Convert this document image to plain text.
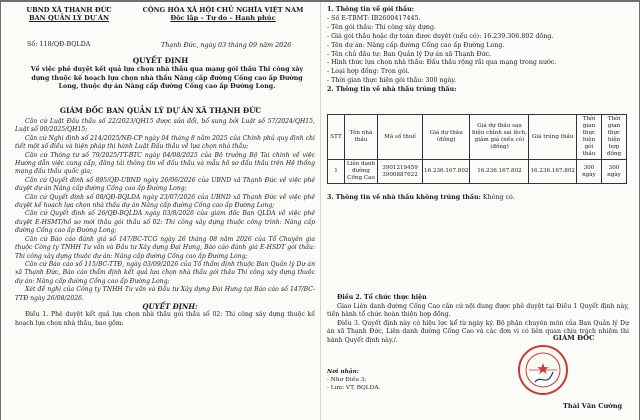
UBND XÃ THẠNH ĐỨC
BAN QUẢN LÝ DỰ ÁN
CỘNG HÒA XÃ HỘI CHỦ NGHĨA VIỆT NAM
Độc lập – Tự do – Hạnh phúc
Số: 118/QĐ-BQLDA	Thạnh Đức, ngày 03 tháng 09 năm 2026
QUYẾT ĐỊNH
Về việc phê duyệt kết quả lựa chọn nhà thầu qua mạng gói thầu Thi công xây dựng thuộc kế hoạch lựa chọn nhà thầu Nâng cấp đường Cống cao ấp Đường Long, thuộc dự án Nâng cấp đường Cống cao ấp Đường Long.
GIÁM ĐỐC BAN QUẢN LÝ DỰ ÁN XÃ THẠNH ĐỨC

Căn cứ Luật Đấu thầu số 22/2023/QH15 được sửa đổi, bổ sung bởi Luật số 57/2024/QH15, Luật số 90/2025/QH15;

Căn cứ Nghị định số 214/2025/NĐ-CP ngày 04 tháng 8 năm 2025 của Chính phủ quy định chi tiết một số điều và biện pháp thi hành Luật Đấu thầu về lựa chọn nhà thầu;

Căn cứ Thông tư số 79/2025/TT-BTC ngày 04/08/2025 của Bộ trưởng Bộ Tài chính về việc Hướng dẫn việc cung cấp, đăng tải thông tin về đấu thầu và mẫu hồ sơ đấu thầu trên Hệ thống mạng đấu thầu quốc gia;

Căn cứ Quyết định số 895/QĐ-UBND ngày 26/06/2026 của UBND xã Thạnh Đức về việc phê duyệt dự án Nâng cấp đường Cống cao ấp Đường Long;

Căn cứ Quyết định số 08/QĐ-BQLDA ngày 23/07/2026 của UBND xã Thạnh Đức về việc phê duyệt kế hoạch lựa chọn nhà thầu dự án Nâng cấp đường Cống cao ấp Đường Long;

Căn cứ Quyết định số 26/QĐ-BQLDA ngày 03/8/2026 của giám đốc Ban QLDA về việc phê duyệt E-HSMT/hồ sơ mời thầu gói thầu số 02: Thi công xây dựng thuộc công trình: Nâng cấp đường Cống cao ấp Đường Long;

Căn cứ Báo cáo đánh giá số 147/BC-TCG ngày 26 tháng 08 năm 2026 của Tổ Chuyên gia thuộc Công ty TNHH Tư vấn và Đầu tư Xây dựng Đại Hưng, Báo cáo đánh giá E-HSDT gói thầu: Thi công xây dựng thuộc dự án: Nâng cấp đường Cống cao ấp Đường Long;

Căn cứ Báo cáo số 115/BC-TTĐ, ngày 03/09/2026 của Tổ thẩm định thuộc Ban Quản lý Dự án xã Thạnh Đức, Báo cáo thẩm định kết quả lựa chọn nhà thầu gói thầu Thi công xây dựng thuộc dự án: Nâng cấp đường Cống cao ấp Đường Long;

Xét đề nghị của Công ty TNHH Tư vấn và Đầu tư Xây dựng Đại Hưng tại Báo cáo số 147/BC-TTĐ ngày 26/08/2026.

QUYẾT ĐỊNH:

Điều 1. Phê duyệt kết quả lựa chọn nhà thầu gói thầu số 02: Thi công xây dựng thuộc kế hoạch lựa chọn nhà thầu, bao gồm:

1. Thông tin về gói thầu:
- Số E-TBMT: IB2600417445.
- Tên gói thầu: Thi công xây dựng.
- Giá gói thầu hoặc dự toán được duyệt (nếu có): 16.239.306.802 đồng.
- Tên dự án: Nâng cấp đường Cống cao ấp Đường Long.
- Tên chủ đầu tư: Ban Quản lý Dự án xã Thạnh Đức.
- Hình thức lựa chọn nhà thầu: Đấu thầu rộng rãi qua mạng trong nước.
- Loại hợp đồng: Trọn gói.
- Thời gian thực hiện gói thầu: 300 ngày.
2. Thông tin về nhà thầu trúng thầu:
STT	Tên nhà thầu	Mã số thuế	Giá dự thầu (đồng)	Giá dự thầu sau hiệu chỉnh sai lệch, giảm giá (nếu có) (đồng)	Giá trúng thầu	Thời gian thực hiện gói thầu	Thời gian thực hiện hợp đồng
1	Liên danh đường Cống Cao	3901219459 3900887622	16.236.167.802	16.236.167.802	16.236.167.802	300 ngày	300 ngày
3. Thông tin về nhà thầu không trúng thầu: Không có.

Điều 2. Tổ chức thực hiện

Giao Liên danh đường Cống Cao căn cứ nội dung được phê duyệt tại Điều 1 Quyết định này, tiến hành tổ chức hoàn thiện hợp đồng.

Điều 3. Quyết định này có hiệu lực kể từ ngày ký. Bộ phận chuyên môn của Ban Quản lý Dự án xã Thạnh Đức, Liên danh đường Cống Cao và các đơn vị có liên quan chịu trách nhiệm thi hành Quyết định này./.

Nơi nhận:
- Như Điều 3;
- Lưu: VT, BQLDA.
GIÁM ĐỐC
Thái Văn Cường
